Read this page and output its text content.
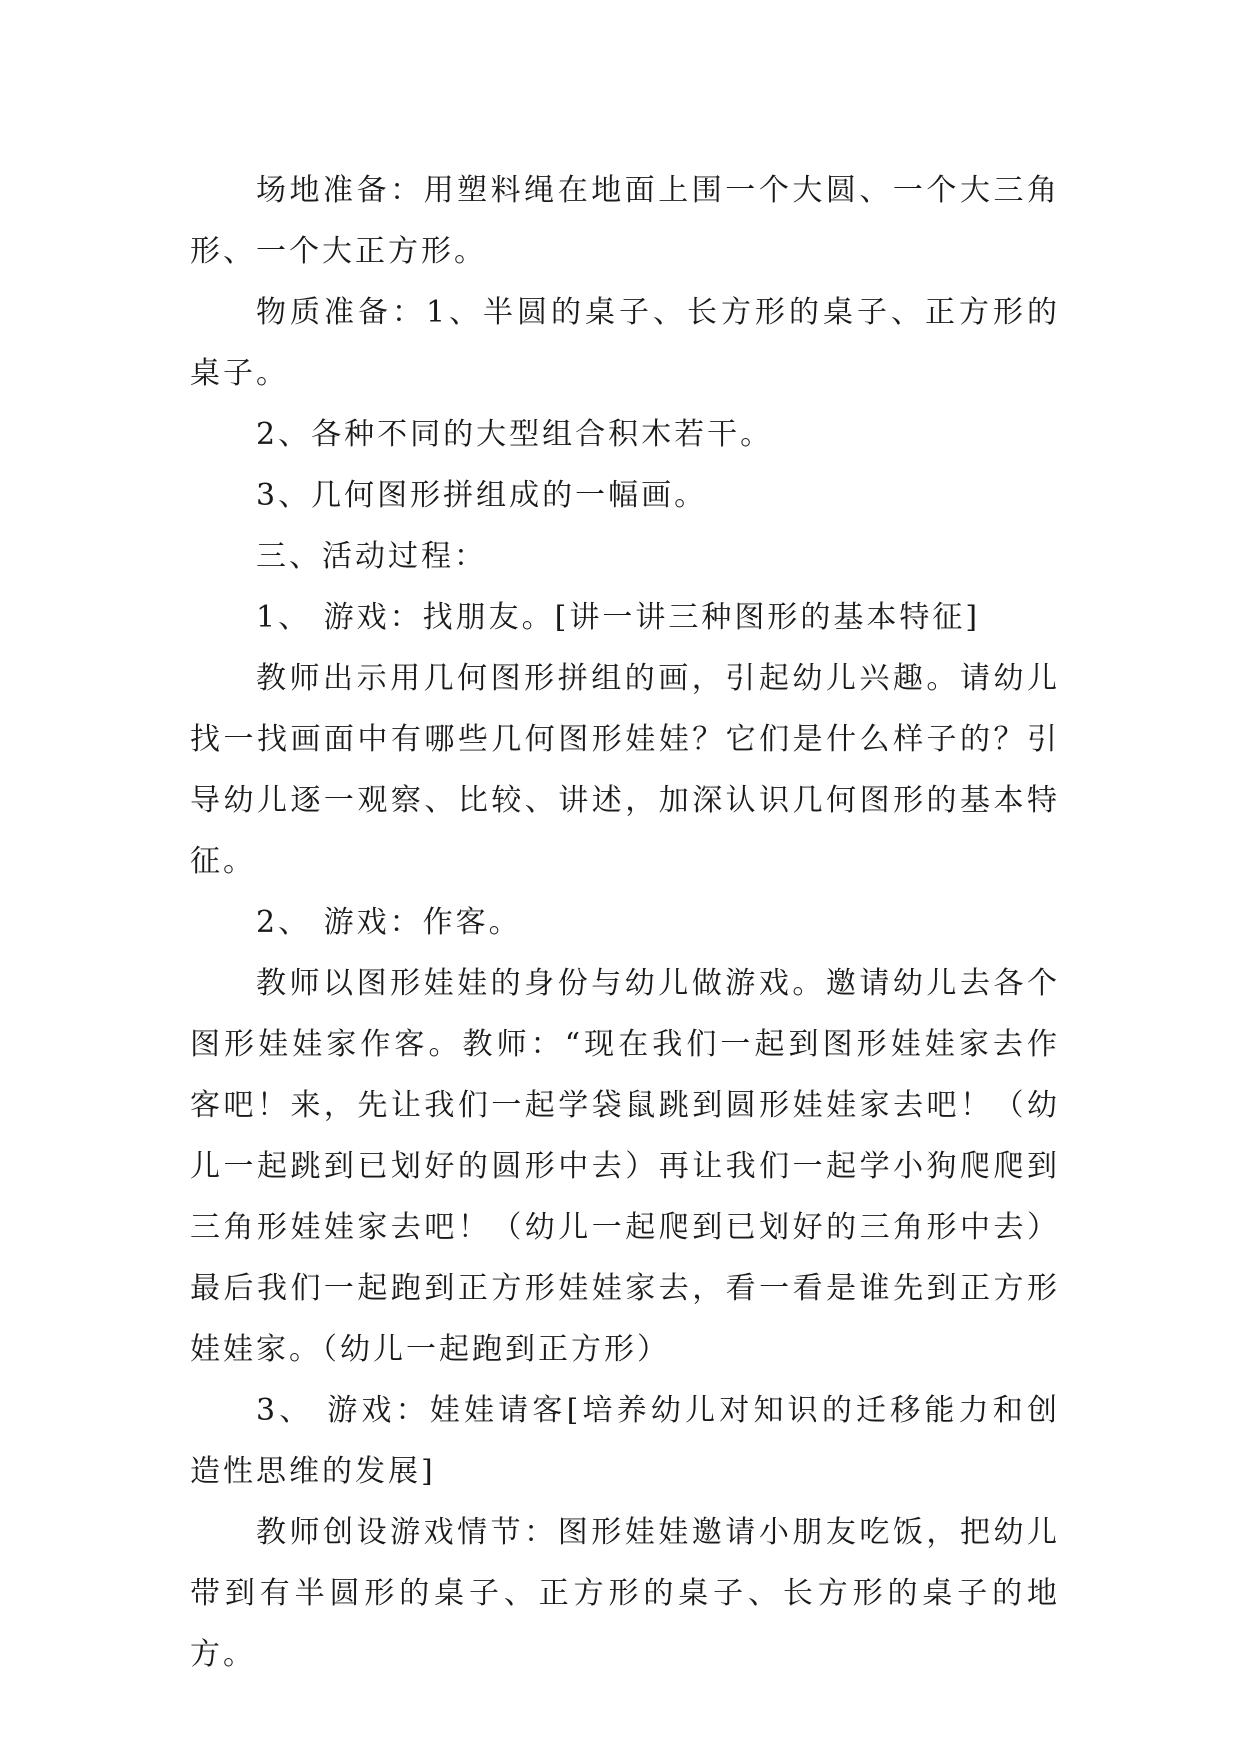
场地准备：用塑料绳在地面上围一个大圆、一个大三角形、一个大正方形。

物质准备：1、半圆的桌子、长方形的桌子、正方形的桌子。

2、各种不同的大型组合积木若干。

3、几何图形拼组成的一幅画。

三、活动过程：

1、 游戏：找朋友。[讲一讲三种图形的基本特征]

教师出示用几何图形拼组的画，引起幼儿兴趣。请幼儿找一找画面中有哪些几何图形娃娃？它们是什么样子的？引导幼儿逐一观察、比较、讲述，加深认识几何图形的基本特征。

2、 游戏：作客。

教师以图形娃娃的身份与幼儿做游戏。邀请幼儿去各个图形娃娃家作客。教师：“现在我们一起到图形娃娃家去作客吧！来，先让我们一起学袋鼠跳到圆形娃娃家去吧！（幼儿一起跳到已划好的圆形中去）再让我们一起学小狗爬爬到三角形娃娃家去吧！（幼儿一起爬到已划好的三角形中去）最后我们一起跑到正方形娃娃家去，看一看是谁先到正方形娃娃家。（幼儿一起跑到正方形）

3、 游戏：娃娃请客[培养幼儿对知识的迁移能力和创造性思维的发展]

教师创设游戏情节：图形娃娃邀请小朋友吃饭，把幼儿带到有半圆形的桌子、正方形的桌子、长方形的桌子的地方。
